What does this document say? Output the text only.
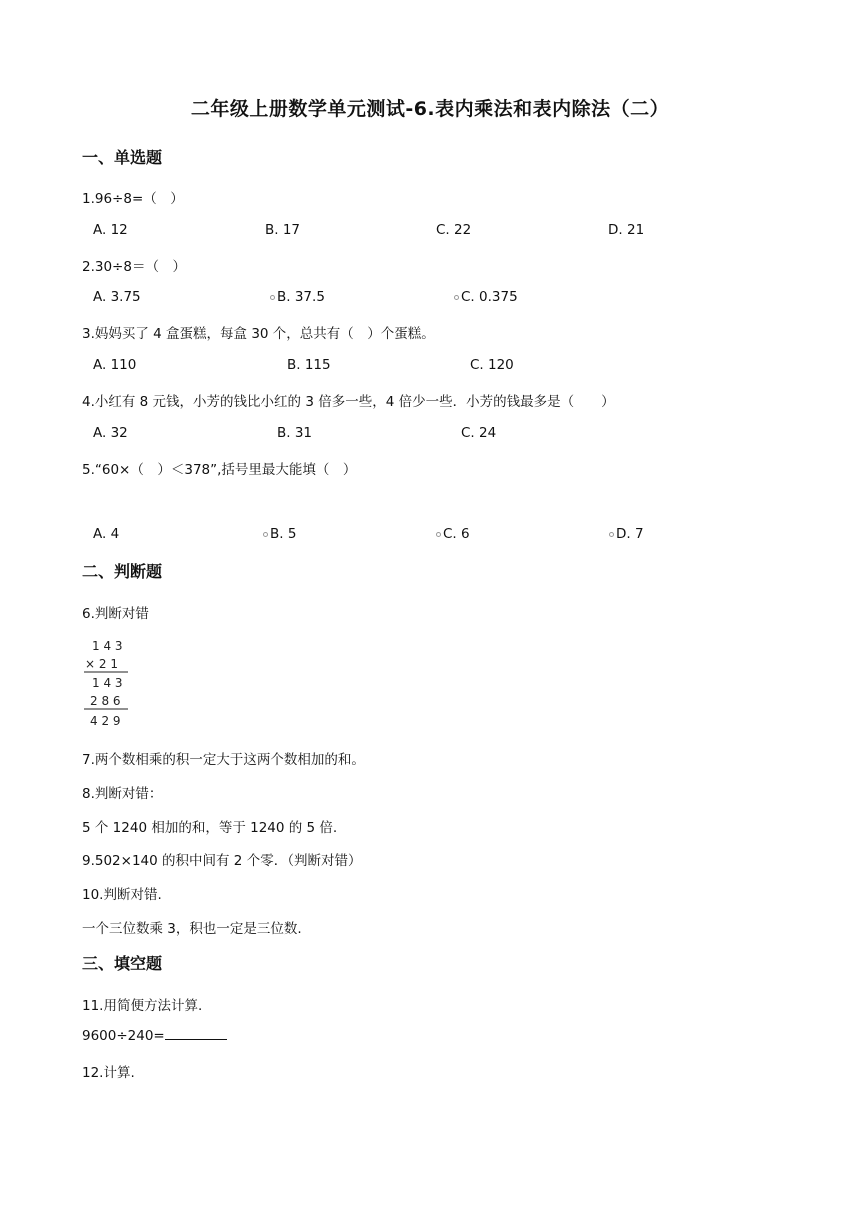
二年级上册数学单元测试-6.表内乘法和表内除法（二）
一、单选题
1.96÷8=（　）
A. 12	B. 17	C. 22	D. 21
2.30÷8＝（　）
A. 3.75	B. 37.5	C. 0.375
3.妈妈买了 4 盒蛋糕，每盒 30 个，总共有（　）个蛋糕。
A. 110	B. 115	C. 120
4.小红有 8 元钱，小芳的钱比小红的 3 倍多一些，4 倍少一些．小芳的钱最多是（　　）
A. 32	B. 31	C. 24
5.“60×（　）＜378”,括号里最大能填（　）
A. 4	B. 5	C. 6	D. 7
二、判断题
6.判断对错
1 4 3
× 2 1
1 4 3
2 8 6
4 2 9
7.两个数相乘的积一定大于这两个数相加的和。
8.判断对错：
5 个 1240 相加的和，等于 1240 的 5 倍.
9.502×140 的积中间有 2 个零．（判断对错）
10.判断对错.
一个三位数乘 3，积也一定是三位数.
三、填空题
11.用简便方法计算.
9600÷240=
12.计算.
